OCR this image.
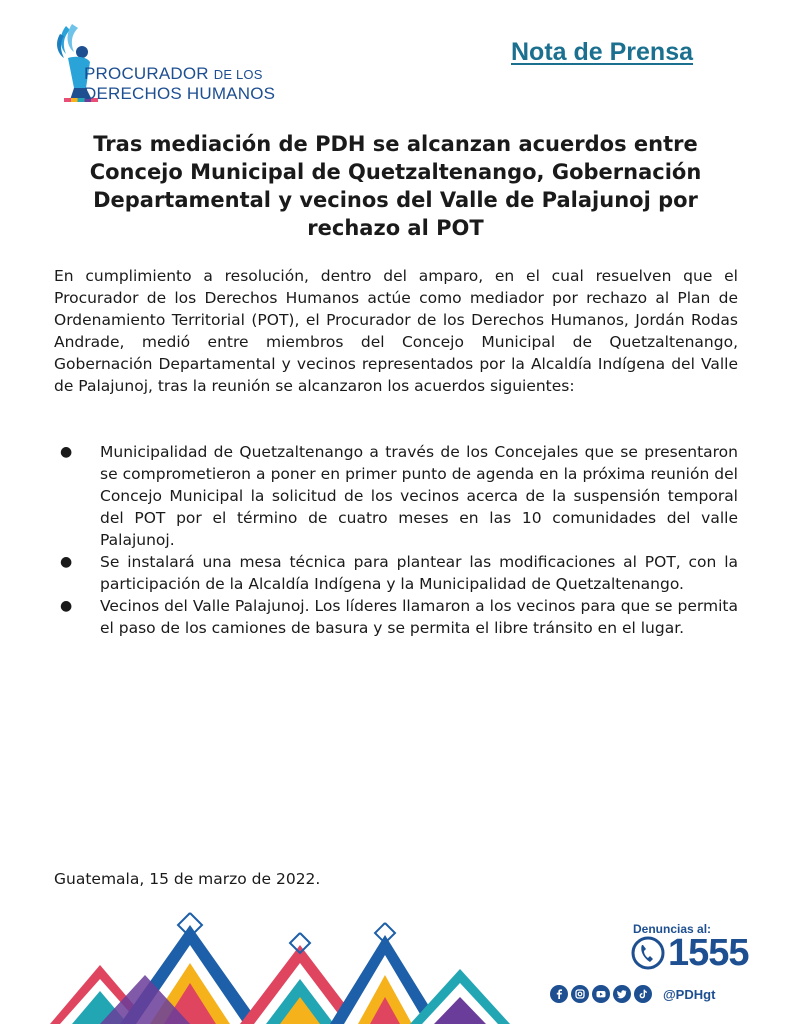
PROCURADOR DE LOS
DERECHOS HUMANOS
Nota de Prensa
Tras mediación de PDH se alcanzan acuerdos entre Concejo Municipal de Quetzaltenango, Gobernación Departamental y vecinos del Valle de Palajunoj por rechazo al POT

En cumplimiento a resolución, dentro del amparo, en el cual resuelven que el Procurador de los Derechos Humanos actúe como mediador por rechazo al Plan de Ordenamiento Territorial (POT), el Procurador de los Derechos Humanos, Jordán Rodas Andrade, medió entre miembros del Concejo Municipal de Quetzaltenango, Gobernación Departamental y vecinos representados por la Alcaldía Indígena del Valle de Palajunoj, tras la reunión se alcanzaron los acuerdos siguientes:

● Municipalidad de Quetzaltenango a través de los Concejales que se presentaron se comprometieron a poner en primer punto de agenda en la próxima reunión del Concejo Municipal la solicitud de los vecinos acerca de la suspensión temporal del POT por el término de cuatro meses en las 10 comunidades del valle Palajunoj.
● Se instalará una mesa técnica para plantear las modificaciones al POT, con la participación de la Alcaldía Indígena y la Municipalidad de Quetzaltenango.
● Vecinos del Valle Palajunoj. Los líderes llamaron a los vecinos para que se permita el paso de los camiones de basura y se permita el libre tránsito en el lugar.
Guatemala, 15 de marzo de 2022.
Denuncias al:
1555
@PDHgt
